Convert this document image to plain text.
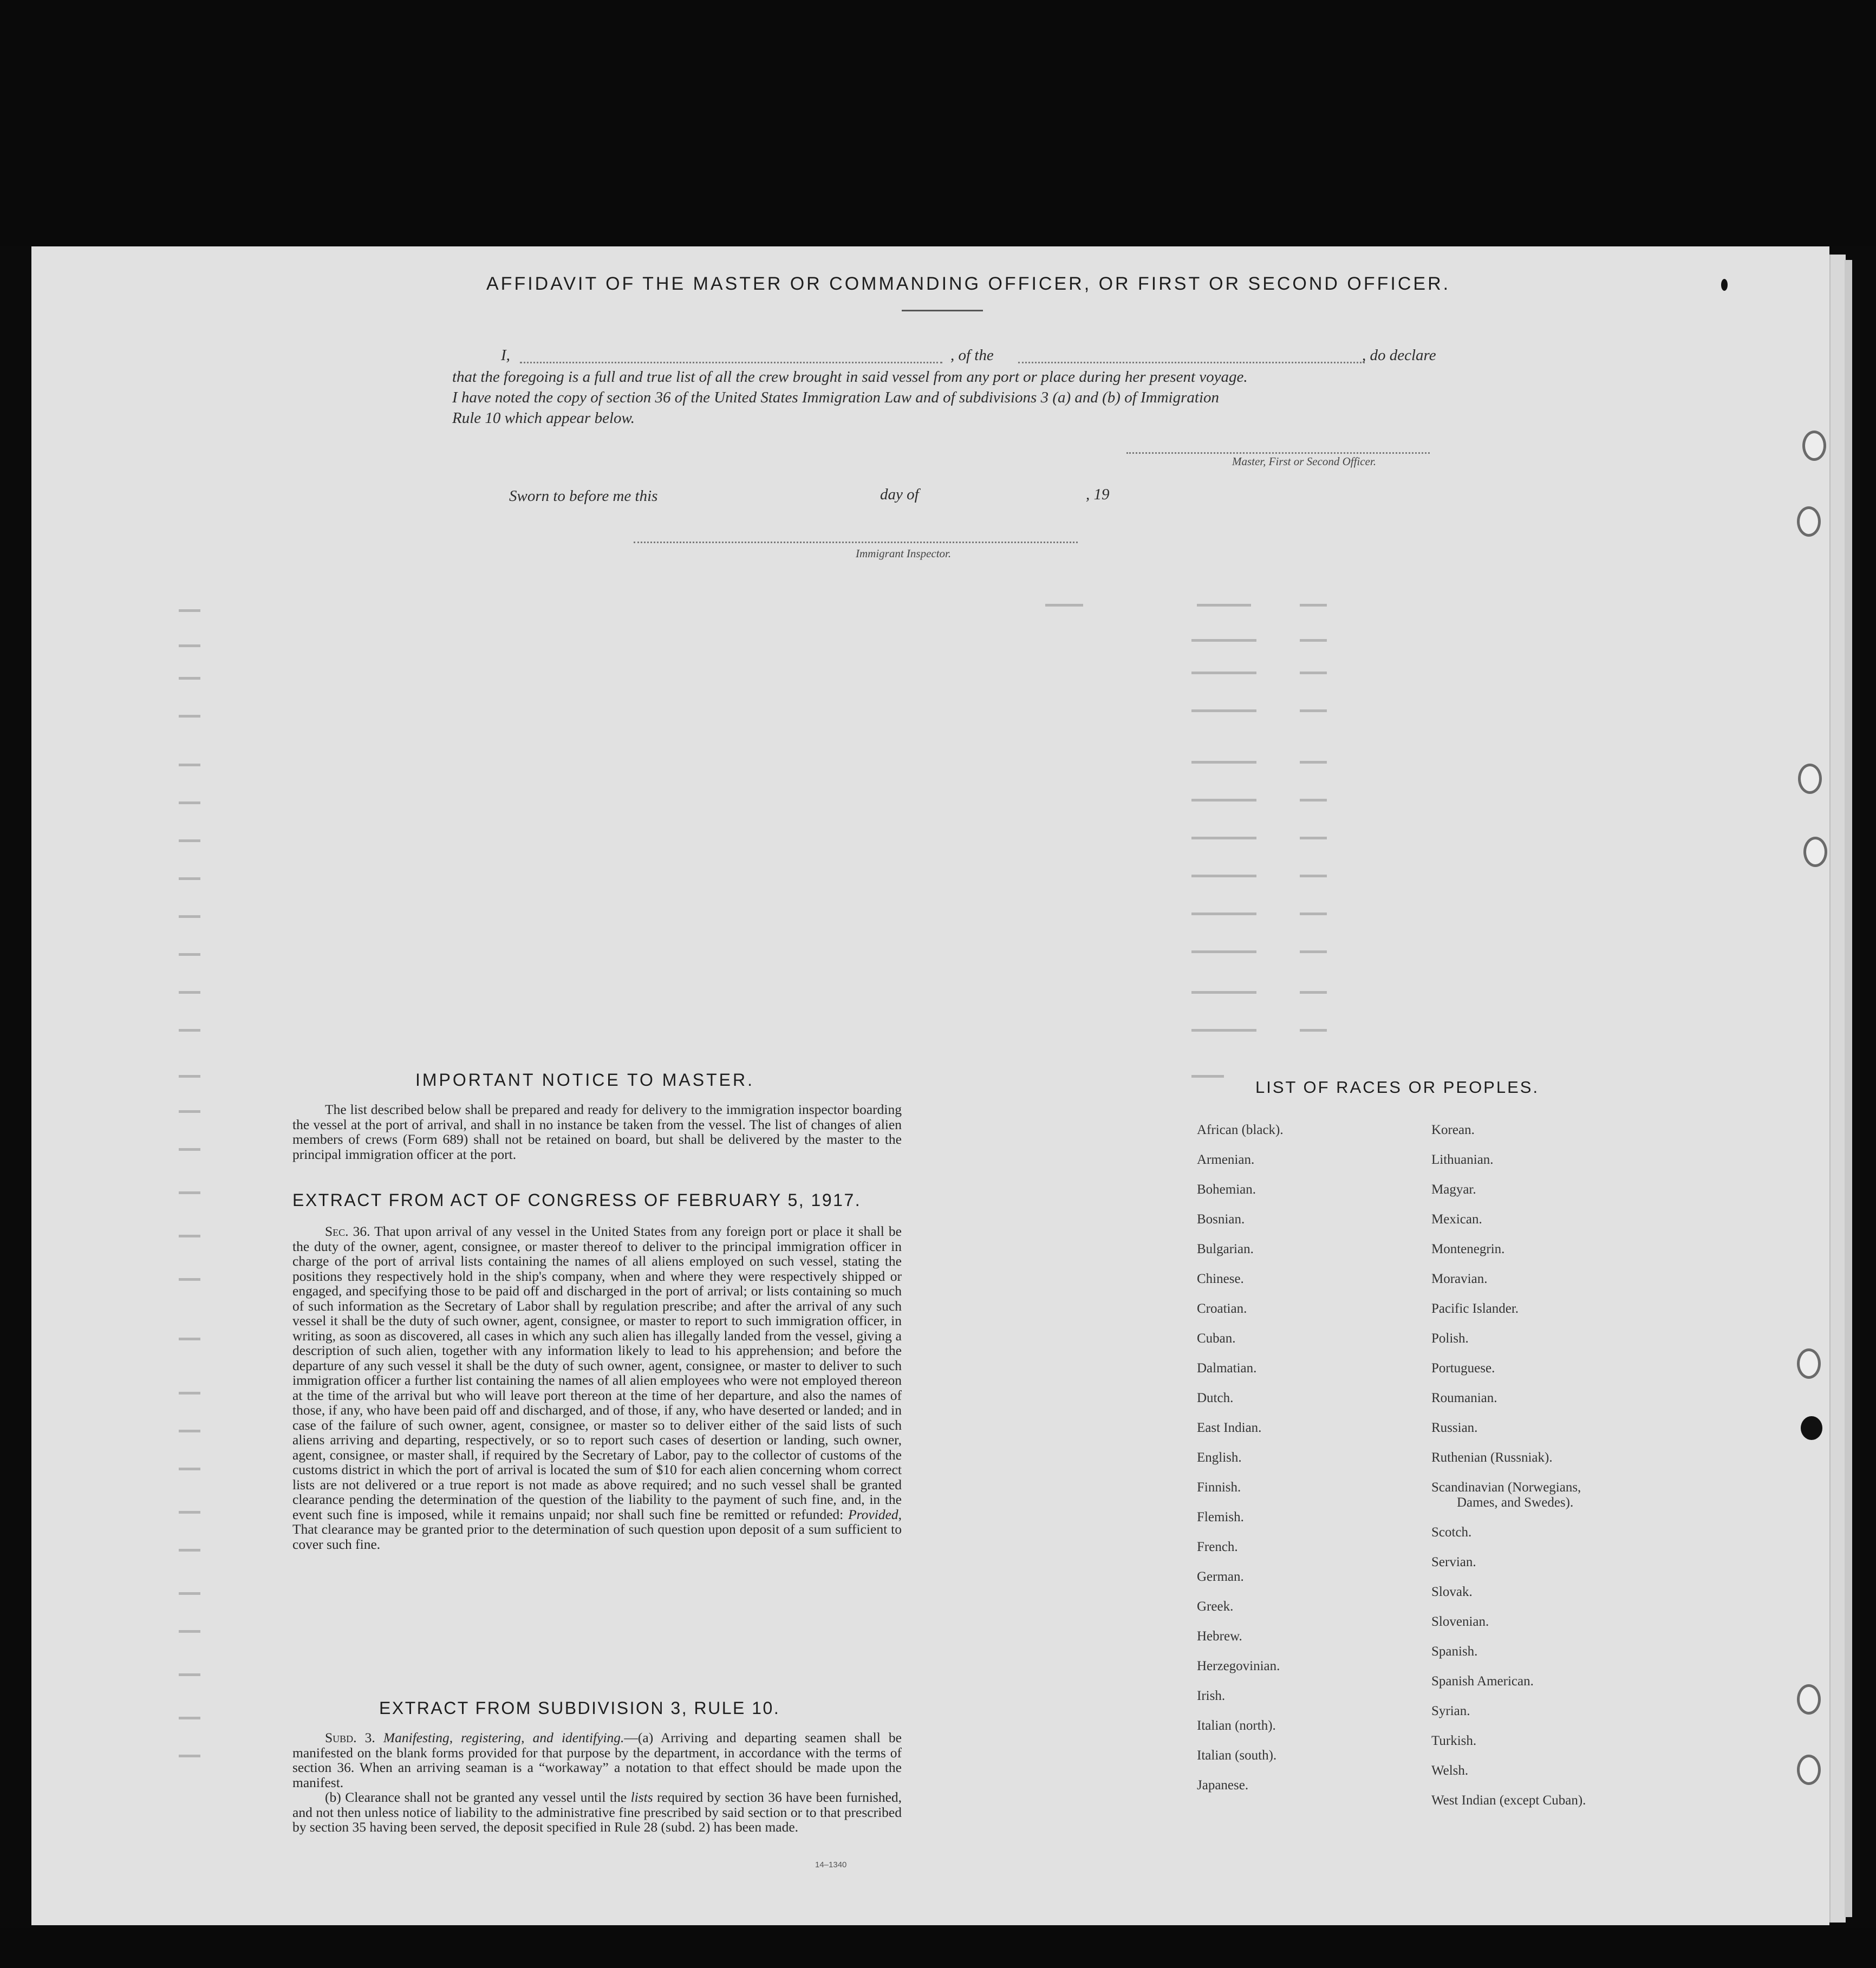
AFFIDAVIT OF THE MASTER OR COMMANDING OFFICER, OR FIRST OR SECOND OFFICER.
I,	, of the	, do declare
that the foregoing is a full and true list of all the crew brought in said vessel from any port or place during her present voyage.
I have noted the copy of section 36 of the United States Immigration Law and of subdivisions 3 (a) and (b) of Immigration
Rule 10 which appear below.
Master, First or Second Officer.
Sworn to before me this	day of	, 19
Immigrant Inspector.
IMPORTANT NOTICE TO MASTER.

The list described below shall be prepared and ready for delivery to the immigration inspector boarding the vessel at the port of arrival, and shall in no instance be taken from the vessel. The list of changes of alien members of crews (Form 689) shall not be retained on board, but shall be delivered by the master to the principal immigration officer at the port.

EXTRACT FROM ACT OF CONGRESS OF FEBRUARY 5, 1917.

Sec. 36. That upon arrival of any vessel in the United States from any foreign port or place it shall be the duty of the owner, agent, consignee, or master thereof to deliver to the principal immigration officer in charge of the port of arrival lists containing the names of all aliens employed on such vessel, stating the positions they respectively hold in the ship's company, when and where they were respectively shipped or engaged, and specifying those to be paid off and discharged in the port of arrival; or lists containing so much of such information as the Secretary of Labor shall by regulation prescribe; and after the arrival of any such vessel it shall be the duty of such owner, agent, consignee, or master to report to such immigration officer, in writing, as soon as discovered, all cases in which any such alien has illegally landed from the vessel, giving a description of such alien, together with any information likely to lead to his apprehension; and before the departure of any such vessel it shall be the duty of such owner, agent, consignee, or master to deliver to such immigration officer a further list containing the names of all alien employees who were not employed thereon at the time of the arrival but who will leave port thereon at the time of her departure, and also the names of those, if any, who have been paid off and discharged, and of those, if any, who have deserted or landed; and in case of the failure of such owner, agent, consignee, or master so to deliver either of the said lists of such aliens arriving and departing, respectively, or so to report such cases of desertion or landing, such owner, agent, consignee, or master shall, if required by the Secretary of Labor, pay to the collector of customs of the customs district in which the port of arrival is located the sum of $10 for each alien concerning whom correct lists are not delivered or a true report is not made as above required; and no such vessel shall be granted clearance pending the determination of the question of the liability to the payment of such fine, and, in the event such fine is imposed, while it remains unpaid; nor shall such fine be remitted or refunded: Provided, That clearance may be granted prior to the determination of such question upon deposit of a sum sufficient to cover such fine.

EXTRACT FROM SUBDIVISION 3, RULE 10.

Subd. 3. Manifesting, registering, and identifying.—(a) Arriving and departing seamen shall be manifested on the blank forms provided for that purpose by the department, in accordance with the terms of section 36. When an arriving seaman is a “workaway” a notation to that effect should be made upon the manifest.

(b) Clearance shall not be granted any vessel until the lists required by section 36 have been furnished, and not then unless notice of liability to the administrative fine prescribed by said section or to that prescribed by section 35 having been served, the deposit specified in Rule 28 (subd. 2) has been made.

14–1340
LIST OF RACES OR PEOPLES.
African (black).
Armenian.
Bohemian.
Bosnian.
Bulgarian.
Chinese.
Croatian.
Cuban.
Dalmatian.
Dutch.
East Indian.
English.
Finnish.
Flemish.
French.
German.
Greek.
Hebrew.
Herzegovinian.
Irish.
Italian (north).
Italian (south).
Japanese.
Korean.
Lithuanian.
Magyar.
Mexican.
Montenegrin.
Moravian.
Pacific Islander.
Polish.
Portuguese.
Roumanian.
Russian.
Ruthenian (Russniak).
Scandinavian (Norwegians,
Dames, and Swedes).
Scotch.
Servian.
Slovak.
Slovenian.
Spanish.
Spanish American.
Syrian.
Turkish.
Welsh.
West Indian (except Cuban).
